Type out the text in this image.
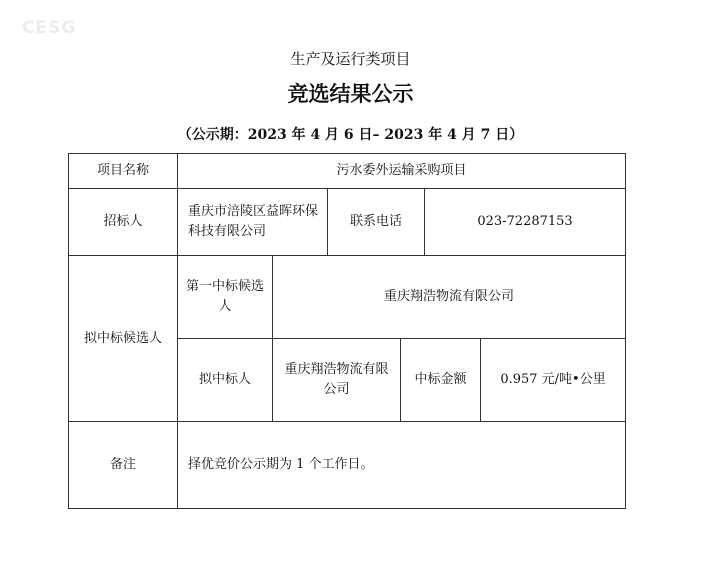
CESG
生产及运行类项目
竞选结果公示
（公示期：2023 年 4 月 6 日– 2023 年 4 月 7 日）
项目名称	污水委外运输采购项目					
招标人	重庆市涪陵区益晖环保科技有限公司		联系电话		023-72287153	
拟中标候选人	第一中标候选人	重庆翔浩物流有限公司				
	拟中标人	重庆翔浩物流有限公司		中标金额		0.957 元/吨•公里
备注	择优竞价公示期为 1 个工作日。					
